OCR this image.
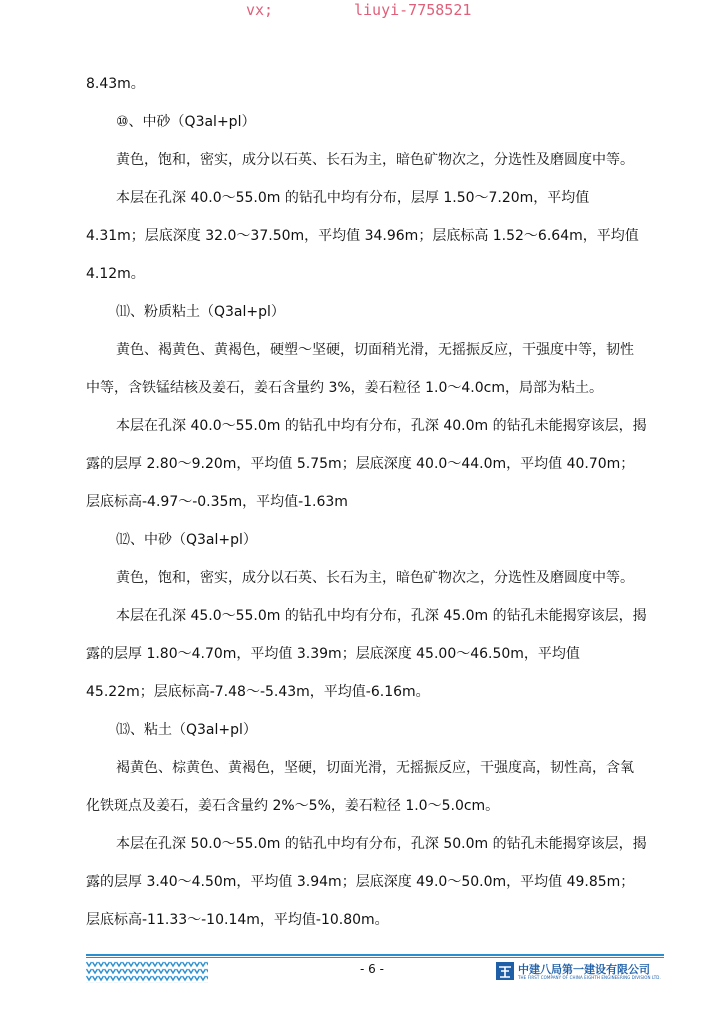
vx;	liuyi-7758521
8.43m。
⑩、中砂（Q3al+pl）
黄色，饱和，密实，成分以石英、长石为主，暗色矿物次之，分选性及磨圆度中等。
本层在孔深 40.0～55.0m 的钻孔中均有分布，层厚 1.50～7.20m，平均值
4.31m；层底深度 32.0～37.50m，平均值 34.96m；层底标高 1.52～6.64m，平均值
4.12m。
⑾、粉质粘土（Q3al+pl）
黄色、褐黄色、黄褐色，硬塑～坚硬，切面稍光滑，无摇振反应，干强度中等，韧性
中等，含铁锰结核及姜石，姜石含量约 3%，姜石粒径 1.0～4.0cm，局部为粘土。
本层在孔深 40.0～55.0m 的钻孔中均有分布，孔深 40.0m 的钻孔未能揭穿该层，揭
露的层厚 2.80～9.20m，平均值 5.75m；层底深度 40.0～44.0m，平均值 40.70m；
层底标高-4.97～-0.35m，平均值-1.63m
⑿、中砂（Q3al+pl）
黄色，饱和，密实，成分以石英、长石为主，暗色矿物次之，分选性及磨圆度中等。
本层在孔深 45.0～55.0m 的钻孔中均有分布，孔深 45.0m 的钻孔未能揭穿该层，揭
露的层厚 1.80～4.70m，平均值 3.39m；层底深度 45.00～46.50m，平均值
45.22m；层底标高-7.48～-5.43m，平均值-6.16m。
⒀、粘土（Q3al+pl）
褐黄色、棕黄色、黄褐色，坚硬，切面光滑，无摇振反应，干强度高，韧性高，含氧
化铁斑点及姜石，姜石含量约 2%～5%，姜石粒径 1.0～5.0cm。
本层在孔深 50.0～55.0m 的钻孔中均有分布，孔深 50.0m 的钻孔未能揭穿该层，揭
露的层厚 3.40～4.50m，平均值 3.94m；层底深度 49.0～50.0m，平均值 49.85m；
层底标高-11.33～-10.14m，平均值-10.80m。
- 6 -	中建八局第一建设有限公司
THE FIRST COMPANY OF CHINA EIGHTH ENGINEERING DIVISION LTD.
